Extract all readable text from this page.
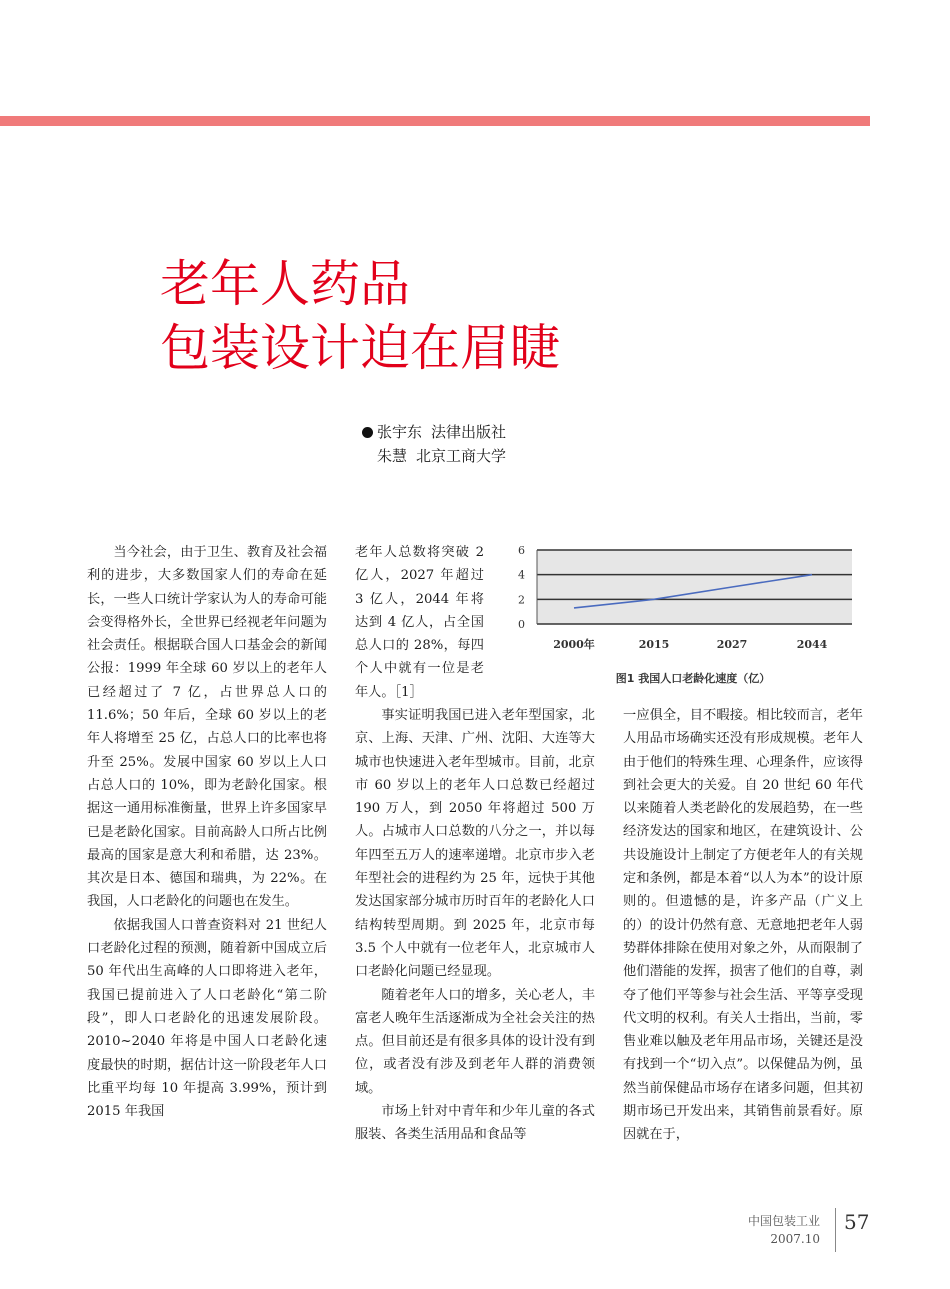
老年人药品
包装设计迫在眉睫
张宇东 法律出版社
朱慧 北京工商大学

当今社会，由于卫生、教育及社会福利的进步，大多数国家人们的寿命在延长，一些人口统计学家认为人的寿命可能会变得格外长，全世界已经视老年问题为社会责任。根据联合国人口基金会的新闻公报：1999 年全球 60 岁以上的老年人已经超过了 7 亿，占世界总人口的 11.6%；50 年后，全球 60 岁以上的老年人将增至 25 亿，占总人口的比率也将升至 25%。发展中国家 60 岁以上人口占总人口的 10%，即为老龄化国家。根据这一通用标准衡量，世界上许多国家早已是老龄化国家。目前高龄人口所占比例最高的国家是意大利和希腊，达 23%。其次是日本、德国和瑞典，为 22%。在我国，人口老龄化的问题也在发生。

依据我国人口普查资料对 21 世纪人口老龄化过程的预测，随着新中国成立后 50 年代出生高峰的人口即将进入老年，我国已提前进入了人口老龄化“第二阶段”，即人口老龄化的迅速发展阶段。2010~2040 年将是中国人口老龄化速度最快的时期，据估计这一阶段老年人口比重平均每 10 年提高 3.99%，预计到 2015 年我国

老年人总数将突破 2 亿人，2027 年超过 3 亿人，2044 年将达到 4 亿人，占全国总人口的 28%，每四个人中就有一位是老年人。［1］

事实证明我国已进入老年型国家，北京、上海、天津、广州、沈阳、大连等大城市也快速进入老年型城市。目前，北京市 60 岁以上的老年人口总数已经超过 190 万人，到 2050 年将超过 500 万人。占城市人口总数的八分之一，并以每年四至五万人的速率递增。北京市步入老年型社会的进程约为 25 年，远快于其他发达国家部分城市历时百年的老龄化人口结构转型周期。到 2025 年，北京市每 3.5 个人中就有一位老年人，北京城市人口老龄化问题已经显现。

随着老年人口的增多，关心老人，丰富老人晚年生活逐渐成为全社会关注的热点。但目前还是有很多具体的设计没有到位，或者没有涉及到老年人群的消费领域。

市场上针对中青年和少年儿童的各式服装、各类生活用品和食品等

一应俱全，目不暇接。相比较而言，老年人用品市场确实还没有形成规模。老年人由于他们的特殊生理、心理条件，应该得到社会更大的关爱。自 20 世纪 60 年代以来随着人类老龄化的发展趋势，在一些经济发达的国家和地区，在建筑设计、公共设施设计上制定了方便老年人的有关规定和条例，都是本着“以人为本”的设计原则的。但遗憾的是，许多产品（广义上的）的设计仍然有意、无意地把老年人弱势群体排除在使用对象之外，从而限制了他们潜能的发挥，损害了他们的自尊，剥夺了他们平等参与社会生活、平等享受现代文明的权利。有关人士指出，当前，零售业难以触及老年用品市场，关键还是没有找到一个“切入点”。以保健品为例，虽然当前保健品市场存在诸多问题，但其初期市场已开发出来，其销售前景看好。原因就在于，

0
2
4
6
2000年	2015	2027	2044
图1 我国人口老龄化速度（亿）
中国包装工业
2007.10
57
